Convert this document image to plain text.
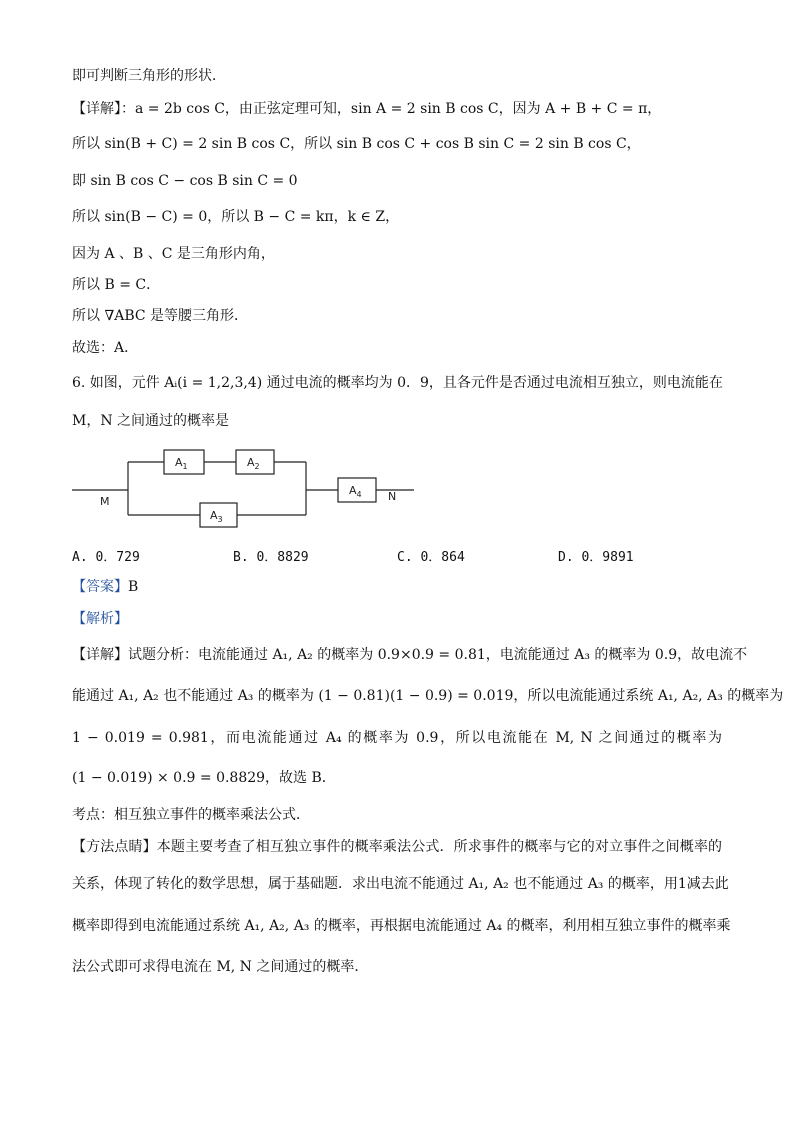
即可判断三角形的形状．
【详解】：a = 2b cos C，由正弦定理可知，sin A = 2 sin B cos C，因为 A + B + C = π，
所以 sin(B + C) = 2 sin B cos C，所以 sin B cos C + cos B sin C = 2 sin B cos C，
即 sin B cos C − cos B sin C = 0
所以 sin(B − C) = 0，所以 B − C = kπ，k ∈ Z，
因为 A 、B 、C 是三角形内角，
所以 B = C．
所以 ∇ABC 是等腰三角形．
故选：A．
6. 如图，元件 Aᵢ(i = 1,2,3,4) 通过电流的概率均为 0．9，且各元件是否通过电流相互独立，则电流能在
M，N 之间通过的概率是
$A_1$	$A_2$
$A_3$
$A_4$
M	N
A. 0．729	B. 0．8829	C. 0．864	D. 0．9891
【答案】B
【解析】
【详解】试题分析：电流能通过 A₁, A₂ 的概率为 0.9×0.9 = 0.81，电流能通过 A₃ 的概率为 0.9，故电流不
能通过 A₁, A₂ 也不能通过 A₃ 的概率为 (1 − 0.81)(1 − 0.9) = 0.019，所以电流能通过系统 A₁, A₂, A₃ 的概率为
1 − 0.019 = 0.981，而电流能通过 A₄ 的概率为 0.9，所以电流能在 M, N 之间通过的概率为
(1 − 0.019) × 0.9 = 0.8829，故选 B．
考点：相互独立事件的概率乘法公式．
【方法点睛】本题主要考查了相互独立事件的概率乘法公式．所求事件的概率与它的对立事件之间概率的
关系，体现了转化的数学思想，属于基础题．求出电流不能通过 A₁, A₂ 也不能通过 A₃ 的概率，用1减去此
概率即得到电流能通过系统 A₁, A₂, A₃ 的概率，再根据电流能通过 A₄ 的概率，利用相互独立事件的概率乘
法公式即可求得电流在 M, N 之间通过的概率．
